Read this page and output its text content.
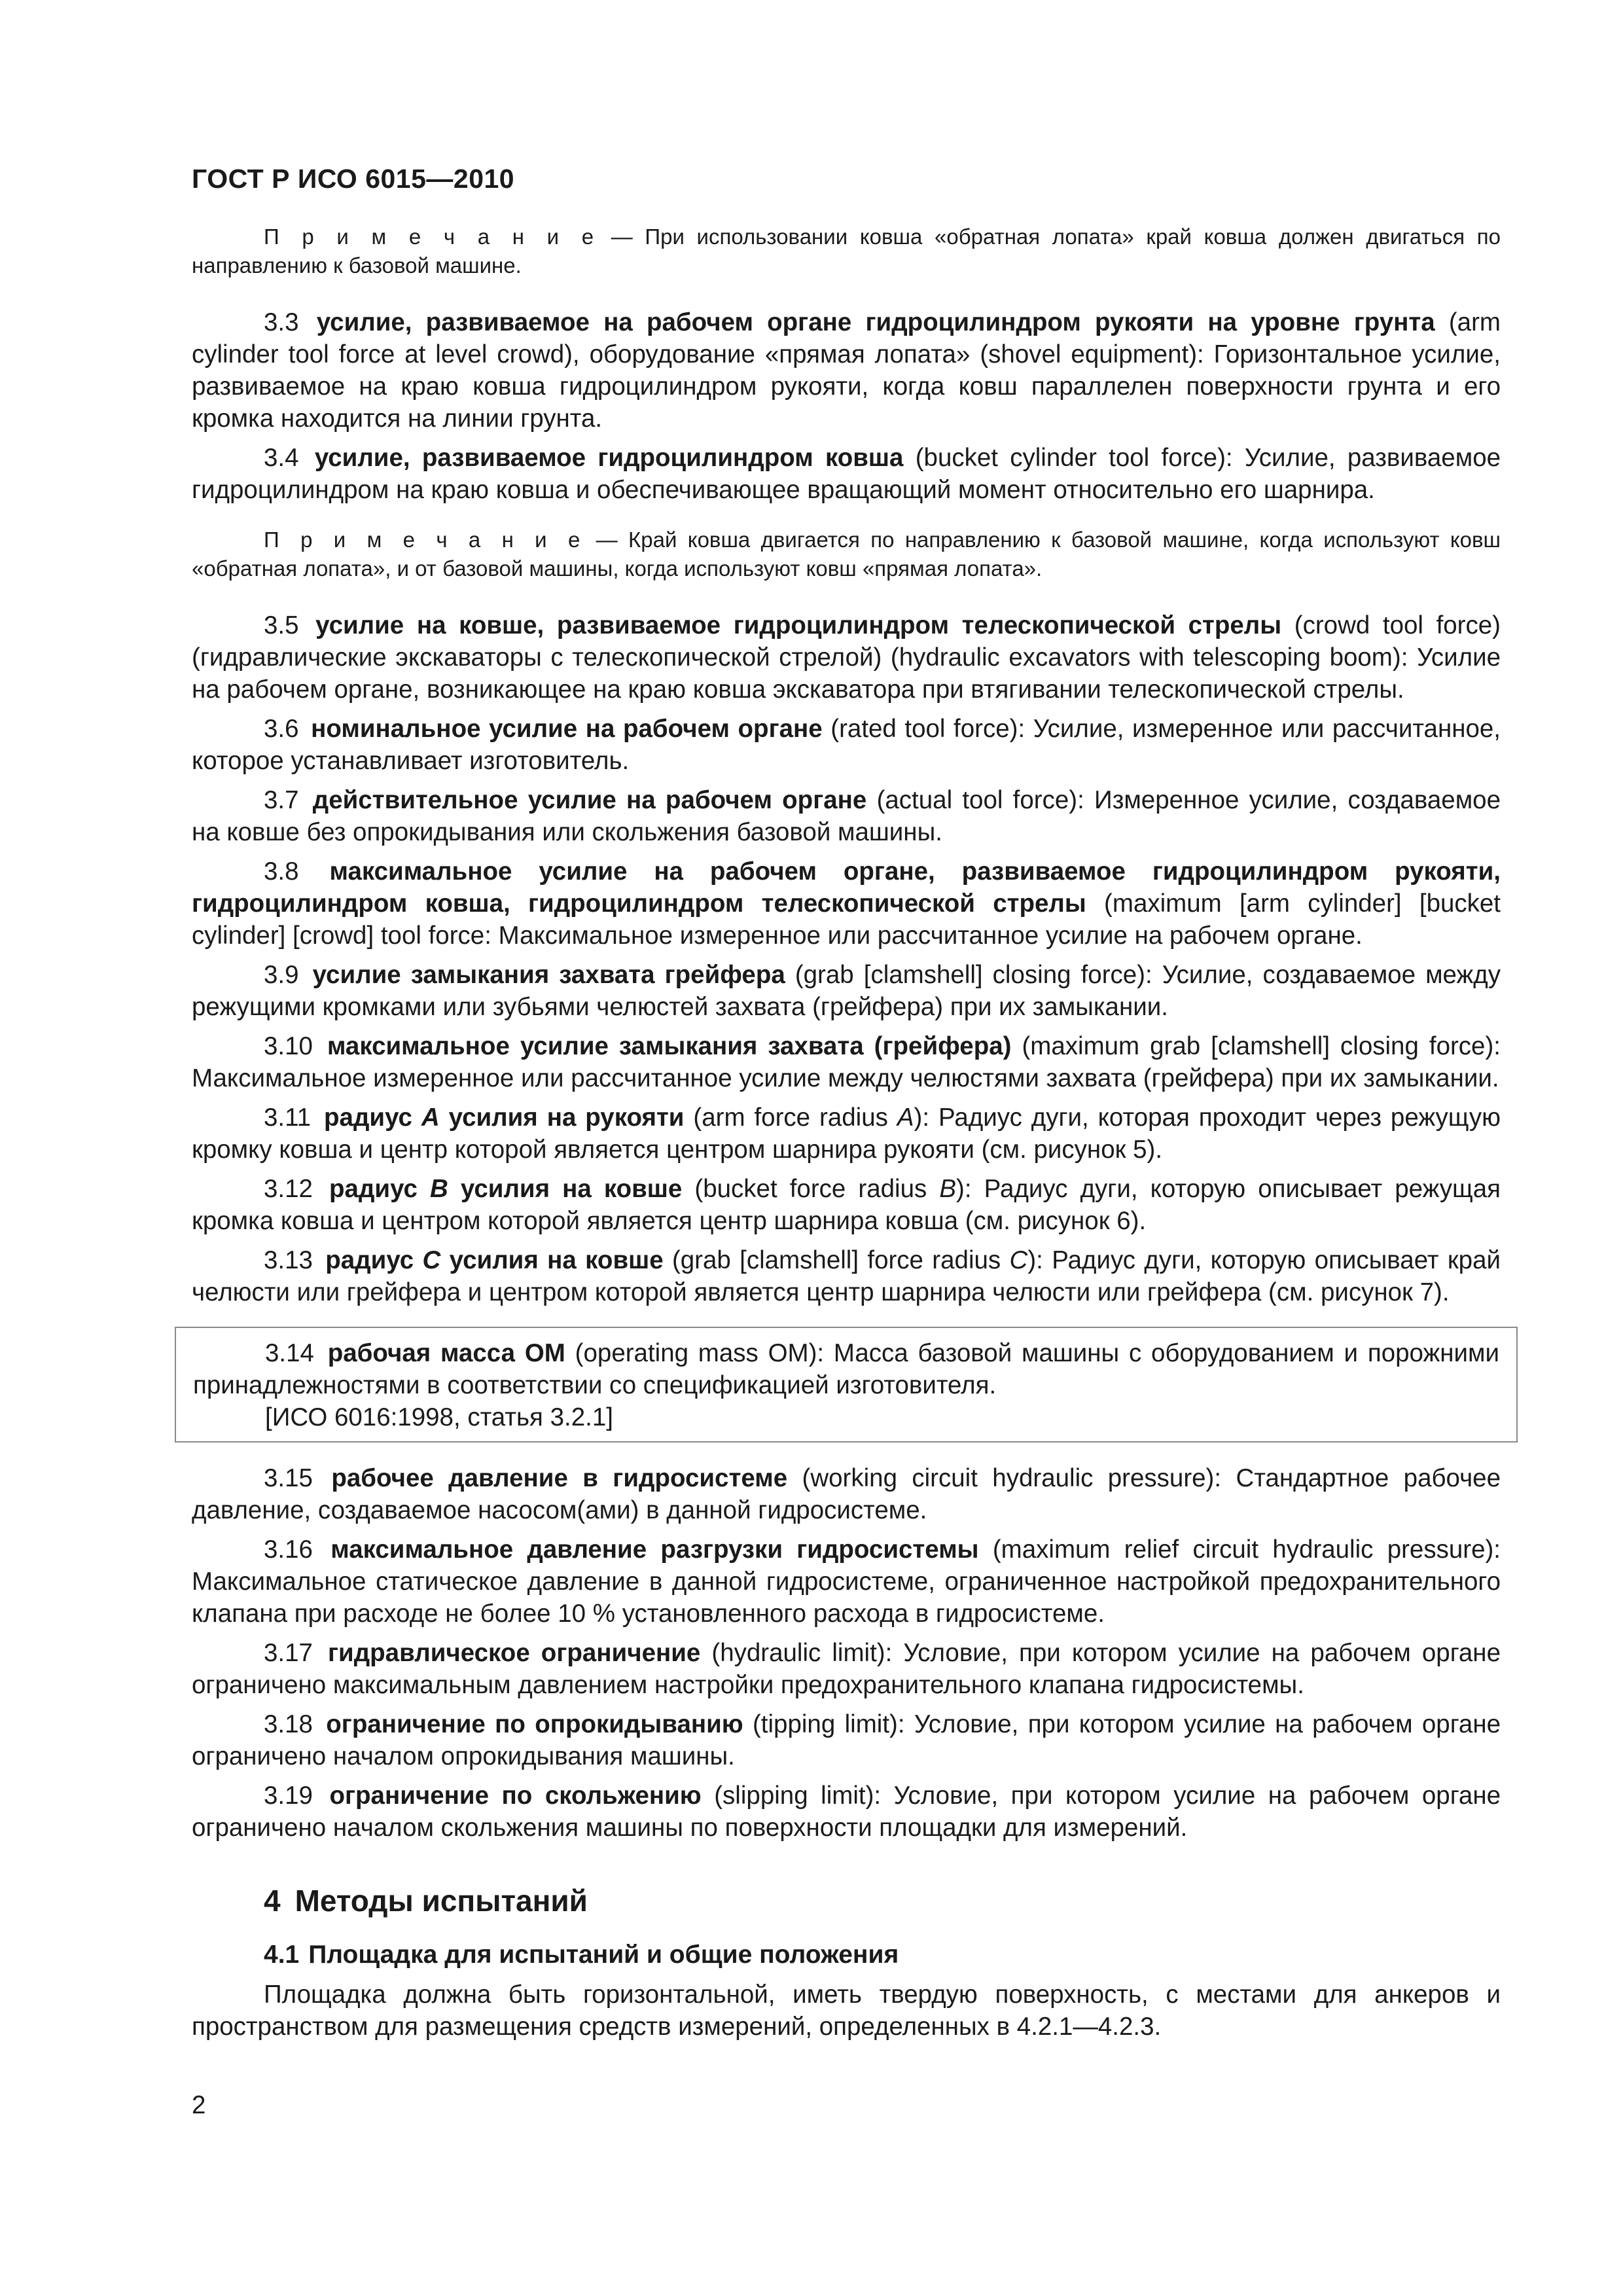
ГОСТ Р ИСО 6015—2010

П р и м е ч а н и е — При использовании ковша «обратная лопата» край ковша должен двигаться по направлению к базовой машине.

3.3 усилие, развиваемое на рабочем органе гидроцилиндром рукояти на уровне грунта (arm cylinder tool force at level crowd), оборудование «прямая лопата» (shovel equipment): Горизонтальное усилие, развиваемое на краю ковша гидроцилиндром рукояти, когда ковш параллелен поверхности грунта и его кромка находится на линии грунта.

3.4 усилие, развиваемое гидроцилиндром ковша (bucket cylinder tool force): Усилие, развиваемое гидроцилиндром на краю ковша и обеспечивающее вращающий момент относительно его шарнира.

П р и м е ч а н и е — Край ковша двигается по направлению к базовой машине, когда используют ковш «обратная лопата», и от базовой машины, когда используют ковш «прямая лопата».

3.5 усилие на ковше, развиваемое гидроцилиндром телескопической стрелы (crowd tool force) (гидравлические экскаваторы с телескопической стрелой) (hydraulic excavators with telescoping boom): Усилие на рабочем органе, возникающее на краю ковша экскаватора при втягивании телескопической стрелы.

3.6 номинальное усилие на рабочем органе (rated tool force): Усилие, измеренное или рассчитанное, которое устанавливает изготовитель.

3.7 действительное усилие на рабочем органе (actual tool force): Измеренное усилие, создаваемое на ковше без опрокидывания или скольжения базовой машины.

3.8 максимальное усилие на рабочем органе, развиваемое гидроцилиндром рукояти, гидроцилиндром ковша, гидроцилиндром телескопической стрелы (maximum [arm cylinder] [bucket cylinder] [crowd] tool force: Максимальное измеренное или рассчитанное усилие на рабочем органе.

3.9 усилие замыкания захвата грейфера (grab [clamshell] closing force): Усилие, создаваемое между режущими кромками или зубьями челюстей захвата (грейфера) при их замыкании.

3.10 максимальное усилие замыкания захвата (грейфера) (maximum grab [clamshell] closing force): Максимальное измеренное или рассчитанное усилие между челюстями захвата (грейфера) при их замыкании.

3.11 радиус A усилия на рукояти (arm force radius A): Радиус дуги, которая проходит через режущую кромку ковша и центр которой является центром шарнира рукояти (см. рисунок 5).

3.12 радиус B усилия на ковше (bucket force radius B): Радиус дуги, которую описывает режущая кромка ковша и центром которой является центр шарнира ковша (см. рисунок 6).

3.13 радиус C усилия на ковше (grab [clamshell] force radius C): Радиус дуги, которую описывает край челюсти или грейфера и центром которой является центр шарнира челюсти или грейфера (см. рисунок 7).

3.14 рабочая масса ОМ (operating mass OM): Масса базовой машины с оборудованием и порожними принадлежностями в соответствии со спецификацией изготовителя.

[ИСО 6016:1998, статья 3.2.1]

3.15 рабочее давление в гидросистеме (working circuit hydraulic pressure): Стандартное рабочее давление, создаваемое насосом(ами) в данной гидросистеме.

3.16 максимальное давление разгрузки гидросистемы (maximum relief circuit hydraulic pressure): Максимальное статическое давление в данной гидросистеме, ограниченное настройкой предохранительного клапана при расходе не более 10 % установленного расхода в гидросистеме.

3.17 гидравлическое ограничение (hydraulic limit): Условие, при котором усилие на рабочем органе ограничено максимальным давлением настройки предохранительного клапана гидросистемы.

3.18 ограничение по опрокидыванию (tipping limit): Условие, при котором усилие на рабочем органе ограничено началом опрокидывания машины.

3.19 ограничение по скольжению (slipping limit): Условие, при котором усилие на рабочем органе ограничено началом скольжения машины по поверхности площадки для измерений.

4 Методы испытаний
4.1 Площадка для испытаний и общие положения

Площадка должна быть горизонтальной, иметь твердую поверхность, с местами для анкеров и пространством для размещения средств измерений, определенных в 4.2.1—4.2.3.

2
